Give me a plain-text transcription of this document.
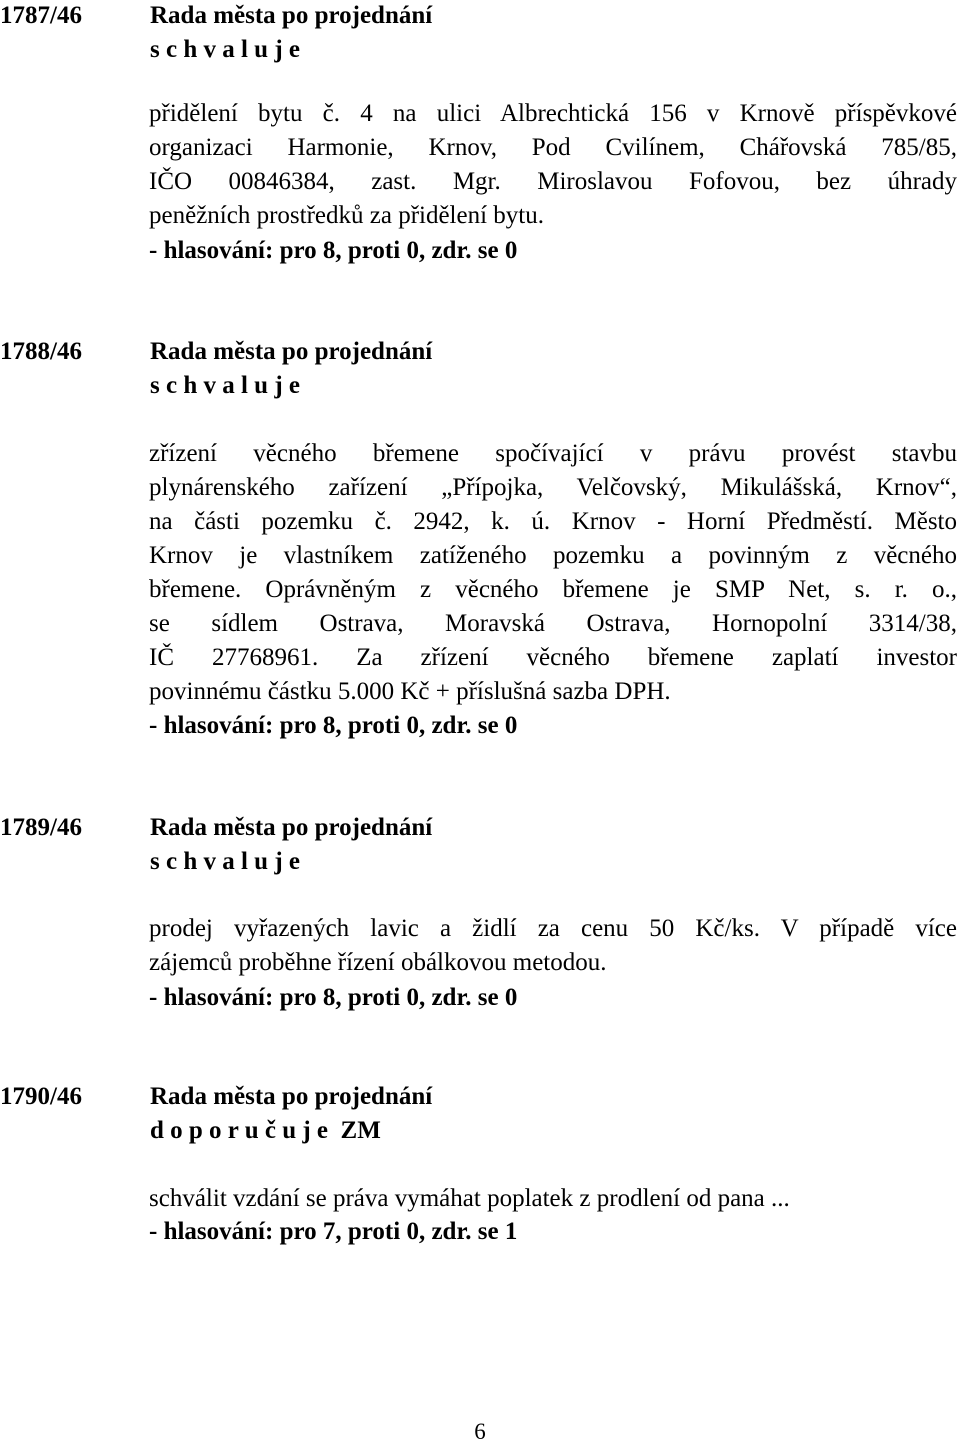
1787/46	Rada města po projednání
s c h v a l u j e
přidělení bytu č. 4 na ulici Albrechtická 156 v Krnově příspěvkové
organizaci Harmonie, Krnov, Pod Cvilínem, Chářovská 785/85,
IČO 00846384, zast. Mgr. Miroslavou Fofovou, bez úhrady
peněžních prostředků za přidělení bytu.
- hlasování: pro 8, proti 0, zdr. se 0
1788/46	Rada města po projednání
s c h v a l u j e
zřízení věcného břemene spočívající v právu provést stavbu
plynárenského zařízení „Přípojka, Velčovský, Mikulášská, Krnov“,
na části pozemku č. 2942, k. ú. Krnov - Horní Předměstí. Město
Krnov je vlastníkem zatíženého pozemku a povinným z věcného
břemene. Oprávněným z věcného břemene je SMP Net, s. r. o.,
se sídlem Ostrava, Moravská Ostrava, Hornopolní 3314/38,
IČ 27768961. Za zřízení věcného břemene zaplatí investor
povinnému částku 5.000 Kč + příslušná sazba DPH.
- hlasování: pro 8, proti 0, zdr. se 0
1789/46	Rada města po projednání
s c h v a l u j e
prodej vyřazených lavic a židlí za cenu 50 Kč/ks. V případě více
zájemců proběhne řízení obálkovou metodou.
- hlasování: pro 8, proti 0, zdr. se 0
1790/46	Rada města po projednání
d o p o r u č u j e  ZM
schválit vzdání se práva vymáhat poplatek z prodlení od pana ...
- hlasování: pro 7, proti 0, zdr. se 1
6
